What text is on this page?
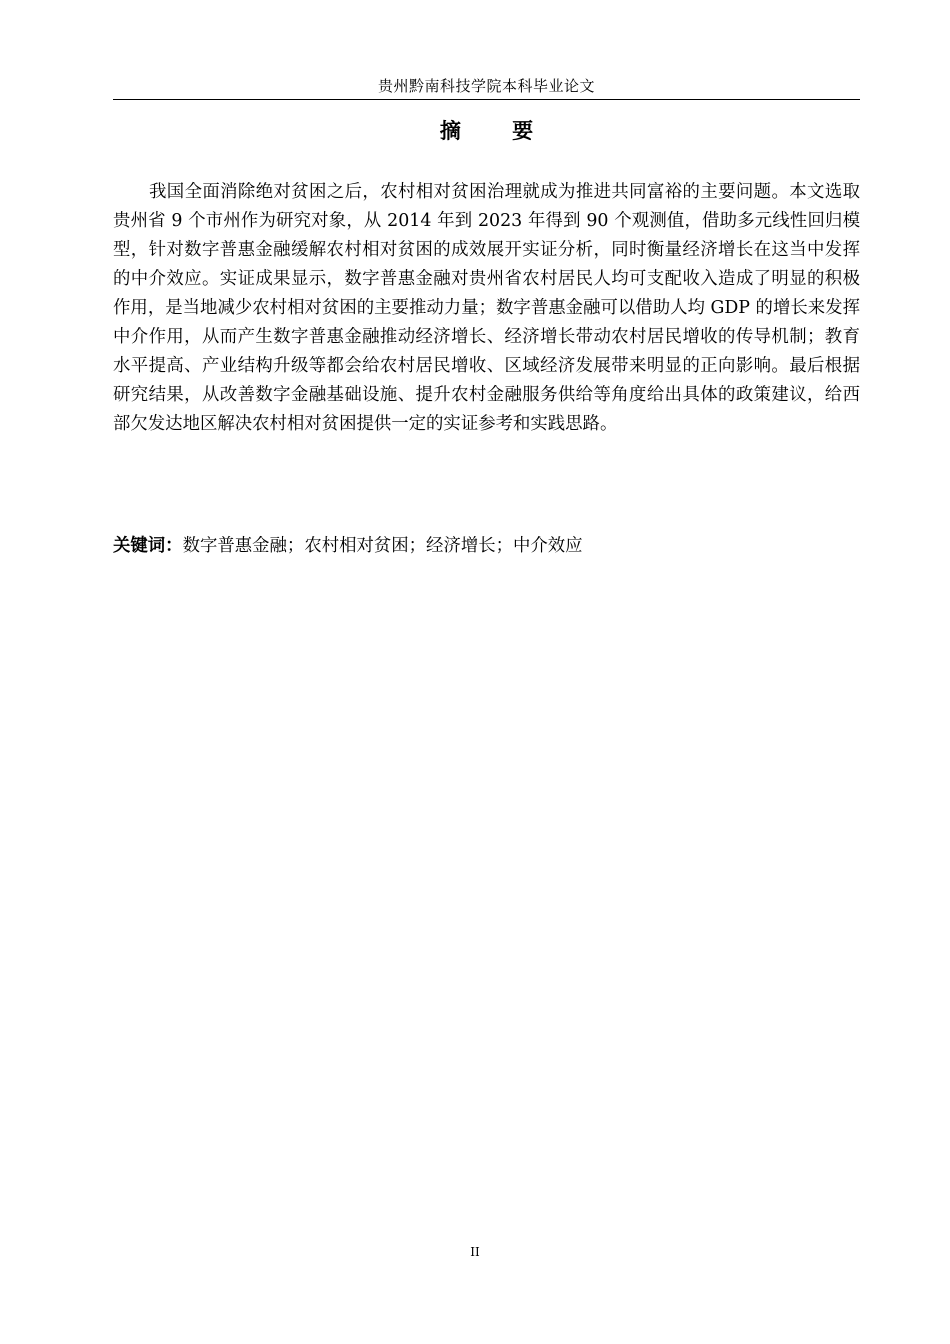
贵州黔南科技学院本科毕业论文
摘 要

我国全面消除绝对贫困之后，农村相对贫困治理就成为推进共同富裕的主要问题。本文选取贵州省 9 个市州作为研究对象，从 2014 年到 2023 年得到 90 个观测值，借助多元线性回归模型，针对数字普惠金融缓解农村相对贫困的成效展开实证分析，同时衡量经济增长在这当中发挥的中介效应。实证成果显示，数字普惠金融对贵州省农村居民人均可支配收入造成了明显的积极作用，是当地减少农村相对贫困的主要推动力量；数字普惠金融可以借助人均 GDP 的增长来发挥中介作用，从而产生数字普惠金融推动经济增长、经济增长带动农村居民增收的传导机制；教育水平提高、产业结构升级等都会给农村居民增收、区域经济发展带来明显的正向影响。最后根据研究结果，从改善数字金融基础设施、提升农村金融服务供给等角度给出具体的政策建议，给西部欠发达地区解决农村相对贫困提供一定的实证参考和实践思路。

关键词：数字普惠金融；农村相对贫困；经济增长；中介效应
II
